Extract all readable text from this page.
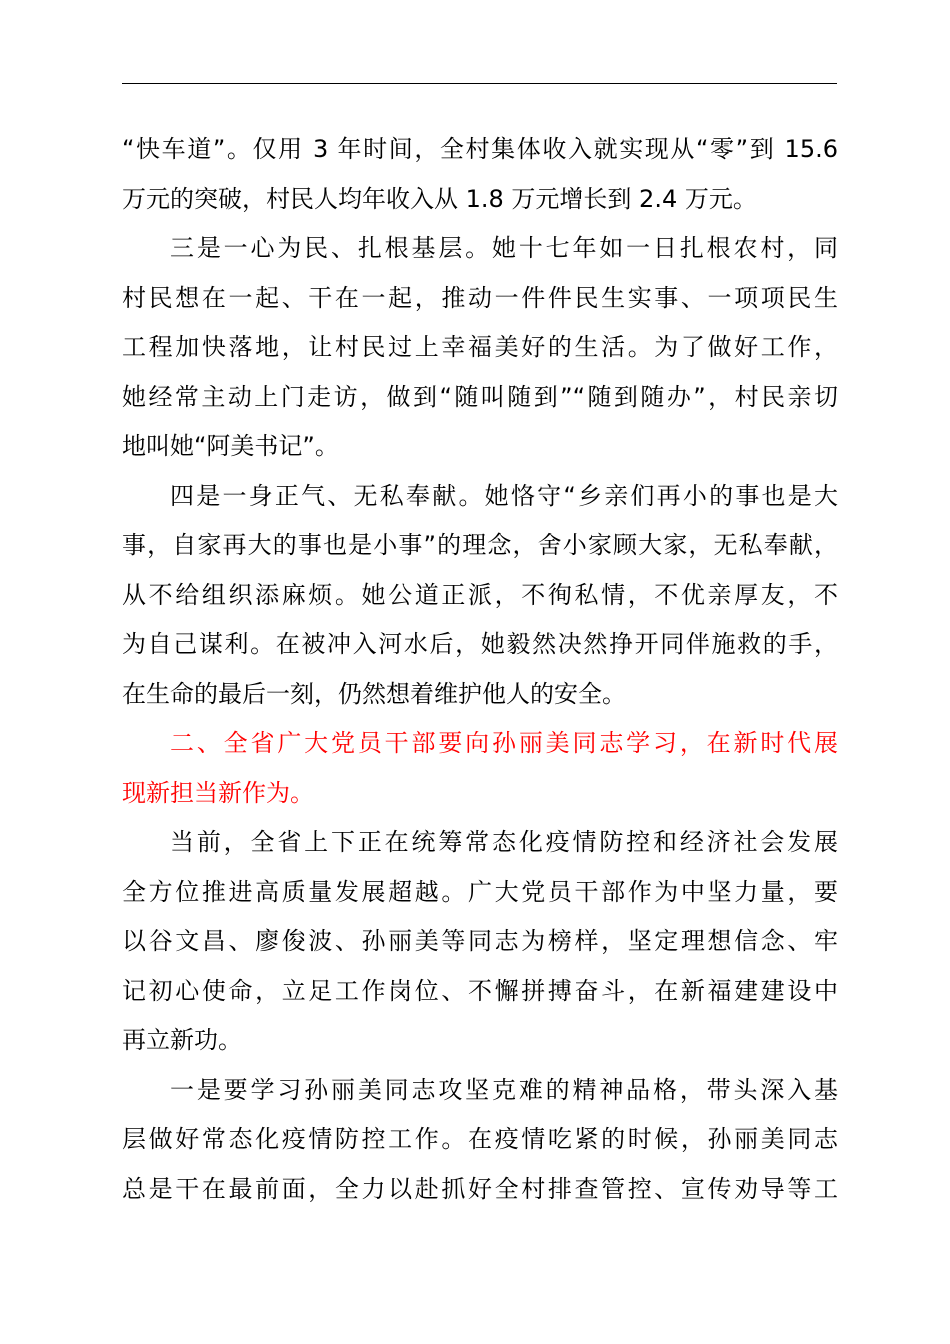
“快车道”。仅用 3 年时间，全村集体收入就实现从“零”到 15.6
万元的突破，村民人均年收入从 1.8 万元增长到 2.4 万元。
三是一心为民、扎根基层。她十七年如一日扎根农村，同
村民想在一起、干在一起，推动一件件民生实事、一项项民生
工程加快落地，让村民过上幸福美好的生活。为了做好工作，
她经常主动上门走访，做到“随叫随到”“随到随办”，村民亲切
地叫她“阿美书记”。
四是一身正气、无私奉献。她恪守“乡亲们再小的事也是大
事，自家再大的事也是小事”的理念，舍小家顾大家，无私奉献，
从不给组织添麻烦。她公道正派，不徇私情，不优亲厚友，不
为自己谋利。在被冲入河水后，她毅然决然挣开同伴施救的手，
在生命的最后一刻，仍然想着维护他人的安全。
二、全省广大党员干部要向孙丽美同志学习，在新时代展
现新担当新作为。
当前，全省上下正在统筹常态化疫情防控和经济社会发展
全方位推进高质量发展超越。广大党员干部作为中坚力量，要
以谷文昌、廖俊波、孙丽美等同志为榜样，坚定理想信念、牢
记初心使命，立足工作岗位、不懈拼搏奋斗，在新福建建设中
再立新功。
一是要学习孙丽美同志攻坚克难的精神品格，带头深入基
层做好常态化疫情防控工作。在疫情吃紧的时候，孙丽美同志
总是干在最前面，全力以赴抓好全村排查管控、宣传劝导等工
